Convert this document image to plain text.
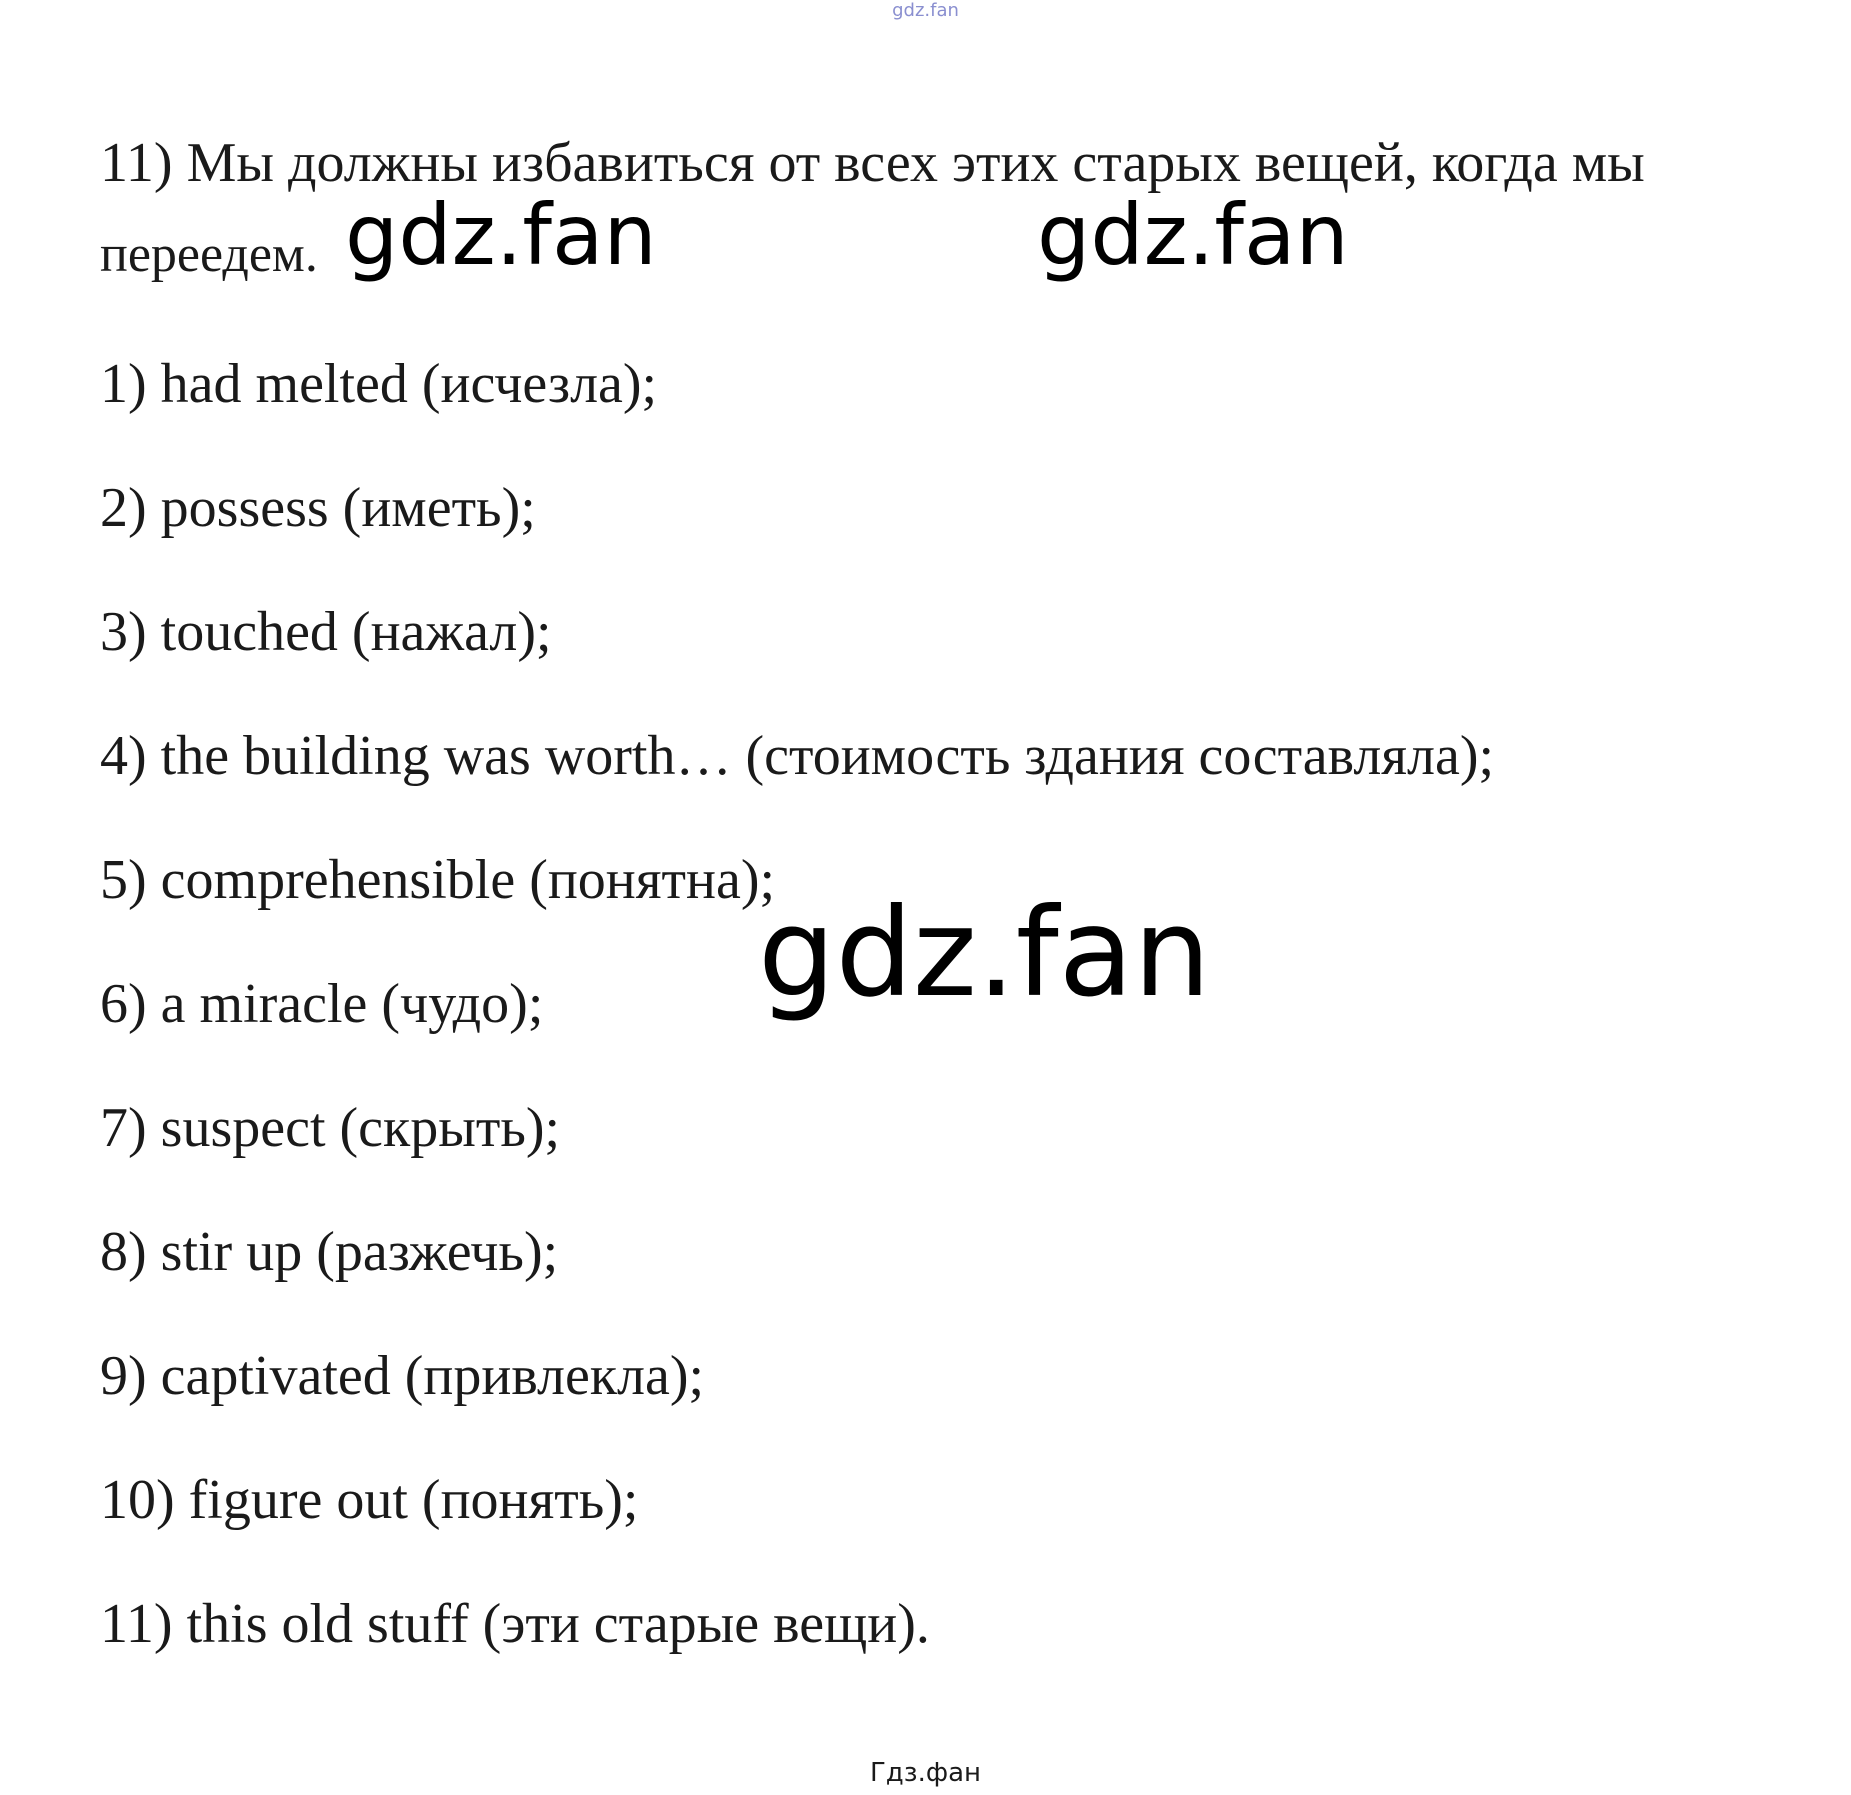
gdz.fan

11) Мы должны избавиться от всех этих старых вещей, когда мы
переедем. gdz.fan	gdz.fan
1) had melted (исчезла);
2) possess (иметь);
3) touched (нажал);
4) the building was worth… (стоимость здания составляла);
5) comprehensible (понятна);
6) a miracle (чудо);
7) suspect (скрыть);
8) stir up (разжечь);
9) captivated (привлекла);
10) figure out (понять);
11) this old stuff (эти старые вещи).
gdz.fan
Гдз.фан
